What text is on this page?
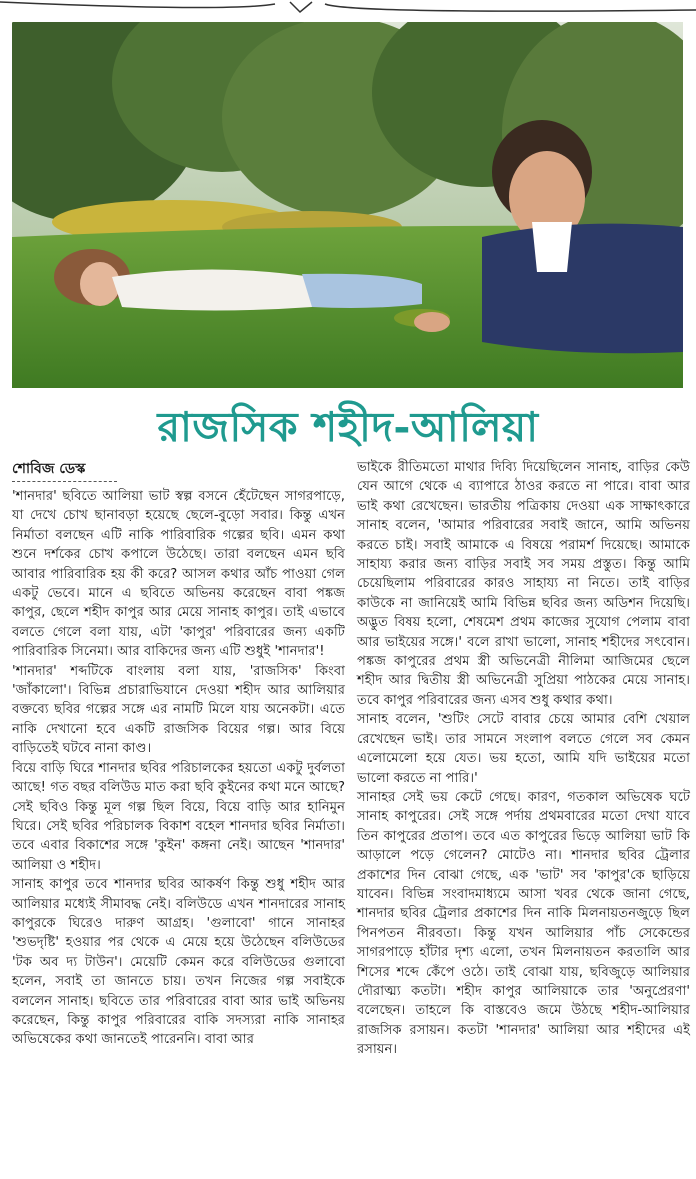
রাজসিক শহীদ-আলিয়া
শোবিজ ডেস্ক

'শানদার' ছবিতে আলিয়া ভাট স্বল্প বসনে হেঁটেছেন সাগরপাড়ে, যা দেখে চোখ ছানাবড়া হয়েছে ছেলে-বুড়ো সবার। কিন্তু এখন নির্মাতা বলছেন এটি নাকি পারিবারিক গল্পের ছবি। এমন কথা শুনে দর্শকের চোখ কপালে উঠেছে। তারা বলছেন এমন ছবি আবার পারিবারিক হয় কী করে? আসল কথার আঁচ পাওয়া গেল একটু ভেবে। মানে এ ছবিতে অভিনয় করেছেন বাবা পঙ্কজ কাপুর, ছেলে শহীদ কাপুর আর মেয়ে সানাহ কাপুর। তাই এভাবে বলতে গেলে বলা যায়, এটা 'কাপুর' পরিবারের জন্য একটি পারিবারিক সিনেমা। আর বাকিদের জন্য এটি শুধুই 'শানদার'!

'শানদার' শব্দটিকে বাংলায় বলা যায়, 'রাজসিক' কিংবা 'জাঁকালো'। বিভিন্ন প্রচারাভিযানে দেওয়া শহীদ আর আলিয়ার বক্তব্যে ছবির গল্পের সঙ্গে এর নামটি মিলে যায় অনেকটা। এতে নাকি দেখানো হবে একটি রাজসিক বিয়ের গল্প। আর বিয়ে বাড়িতেই ঘটবে নানা কাণ্ড।

বিয়ে বাড়ি ঘিরে শানদার ছবির পরিচালকের হয়তো একটু দুর্বলতা আছে! গত বছর বলিউড মাত করা ছবি কুইনের কথা মনে আছে? সেই ছবিও কিন্তু মূল গল্প ছিল বিয়ে, বিয়ে বাড়ি আর হানিমুন ঘিরে। সেই ছবির পরিচালক বিকাশ বহেল শানদার ছবির নির্মাতা। তবে এবার বিকাশের সঙ্গে 'কুইন' কঙ্গনা নেই। আছেন 'শানদার' আলিয়া ও শহীদ।

সানাহ কাপুর তবে শানদার ছবির আকর্ষণ কিন্তু শুধু শহীদ আর আলিয়ার মধ্যেই সীমাবদ্ধ নেই। বলিউডে এখন শানদারের সানাহ কাপুরকে ঘিরেও দারুণ আগ্রহ। 'গুলাবো' গানে সানাহর 'শুভদৃষ্টি' হওয়ার পর থেকে এ মেয়ে হয়ে উঠেছেন বলিউডের 'টক অব দ্য টাউন'। মেয়েটি কেমন করে বলিউডের গুলাবো হলেন, সবাই তা জানতে চায়। তখন নিজের গল্প সবাইকে বললেন সানাহ। ছবিতে তার পরিবারের বাবা আর ভাই অভিনয় করেছেন, কিন্তু কাপুর পরিবারের বাকি সদস্যরা নাকি সানাহর অভিষেকের কথা জানতেই পারেননি। বাবা আর

ভাইকে রীতিমতো মাথার দিব্যি দিয়েছিলেন সানাহ, বাড়ির কেউ যেন আগে থেকে এ ব্যাপারে ঠাওর করতে না পারে। বাবা আর ভাই কথা রেখেছেন। ভারতীয় পত্রিকায় দেওয়া এক সাক্ষাৎকারে সানাহ বলেন, 'আমার পরিবারের সবাই জানে, আমি অভিনয় করতে চাই। সবাই আমাকে এ বিষয়ে পরামর্শ দিয়েছে। আমাকে সাহায্য করার জন্য বাড়ির সবাই সব সময় প্রস্তুত। কিন্তু আমি চেয়েছিলাম পরিবারের কারও সাহায্য না নিতে। তাই বাড়ির কাউকে না জানিয়েই আমি বিভিন্ন ছবির জন্য অডিশন দিয়েছি। অদ্ভুত বিষয় হলো, শেষমেশ প্রথম কাজের সুযোগ পেলাম বাবা আর ভাইয়ের সঙ্গে।' বলে রাখা ভালো, সানাহ শহীদের সৎবোন। পঙ্কজ কাপুরের প্রথম স্ত্রী অভিনেত্রী নীলিমা আজিমের ছেলে শহীদ আর দ্বিতীয় স্ত্রী অভিনেত্রী সুপ্রিয়া পাঠকের মেয়ে সানাহ। তবে কাপুর পরিবারের জন্য এসব শুধু কথার কথা।

সানাহ বলেন, 'শুটিং সেটে বাবার চেয়ে আমার বেশি খেয়াল রেখেছেন ভাই। তার সামনে সংলাপ বলতে গেলে সব কেমন এলোমেলো হয়ে যেত। ভয় হতো, আমি যদি ভাইয়ের মতো ভালো করতে না পারি।'

সানাহর সেই ভয় কেটে গেছে। কারণ, গতকাল অভিষেক ঘটে সানাহ কাপুরের। সেই সঙ্গে পর্দায় প্রথমবারের মতো দেখা যাবে তিন কাপুরের প্রতাপ। তবে এত কাপুরের ভিড়ে আলিয়া ভাট কি আড়ালে পড়ে গেলেন? মোটেও না। শানদার ছবির ট্রেলার প্রকাশের দিন বোঝা গেছে, এক 'ভাট' সব 'কাপুর'কে ছাড়িয়ে যাবেন। বিভিন্ন সংবাদমাধ্যমে আসা খবর থেকে জানা গেছে, শানদার ছবির ট্রেলার প্রকাশের দিন নাকি মিলনায়তনজুড়ে ছিল পিনপতন নীরবতা। কিন্তু যখন আলিয়ার পাঁচ সেকেন্ডের সাগরপাড়ে হাঁটার দৃশ্য এলো, তখন মিলনায়তন করতালি আর শিসের শব্দে কেঁপে ওঠে। তাই বোঝা যায়, ছবিজুড়ে আলিয়ার দৌরাত্ম্য কতটা। শহীদ কাপুর আলিয়াকে তার 'অনুপ্রেরণা' বলেছেন। তাহলে কি বাস্তবেও জমে উঠছে শহীদ-আলিয়ার রাজসিক রসায়ন। কতটা 'শানদার' আলিয়া আর শহীদের এই রসায়ন।
